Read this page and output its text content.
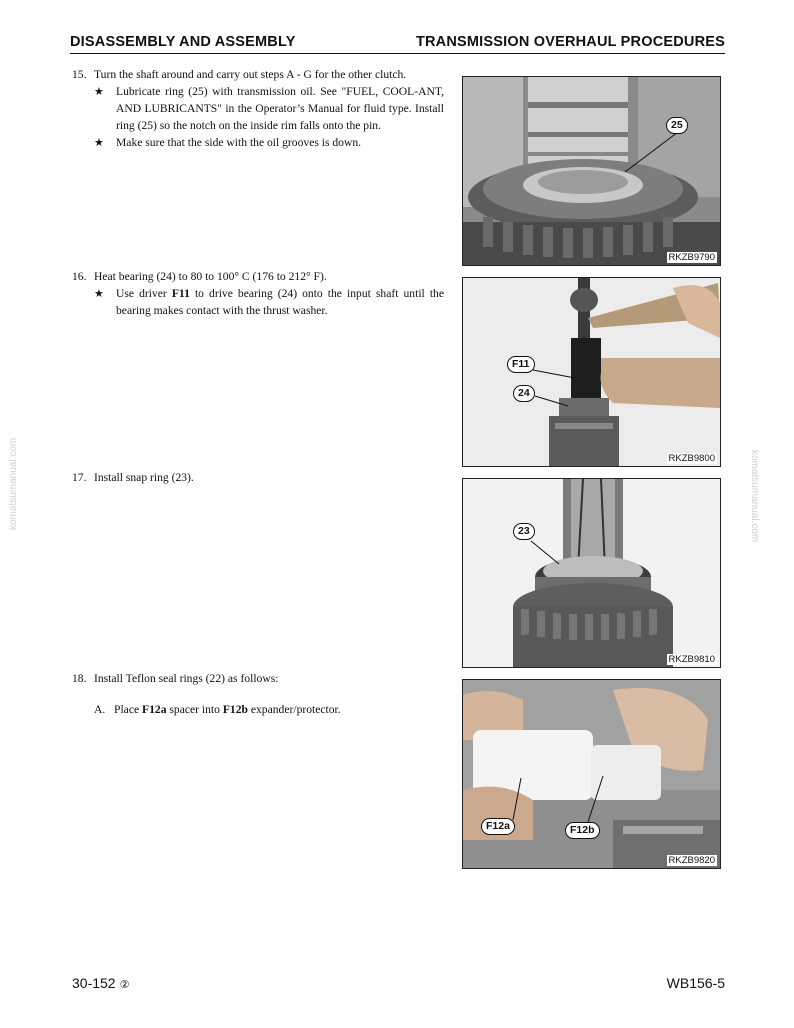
DISASSEMBLY AND ASSEMBLY	TRANSMISSION OVERHAUL PROCEDURES
15. Turn the shaft around and carry out steps A - G for the other clutch.
★ Lubricate ring (25) with transmission oil. See "FUEL, COOL-ANT, AND LUBRICANTS" in the Operator’s Manual for fluid type. Install ring (25) so the notch on the inside rim falls onto the pin.
★ Make sure that the side with the oil grooves is down.
16. Heat bearing (24) to 80 to 100° C (176 to 212° F).
★ Use driver F11 to drive bearing (24) onto the input shaft until the bearing makes contact with the thrust washer.
17. Install snap ring (23).
18. Install Teflon seal rings (22) as follows:
A. Place F12a spacer into F12b expander/protector.
25
RKZB9790
F11
24
RKZB9800
23
RKZB9810
F12a	F12b
RKZB9820
komatsumanual.com	komatsumanual.com
30-152 ②	WB156-5
